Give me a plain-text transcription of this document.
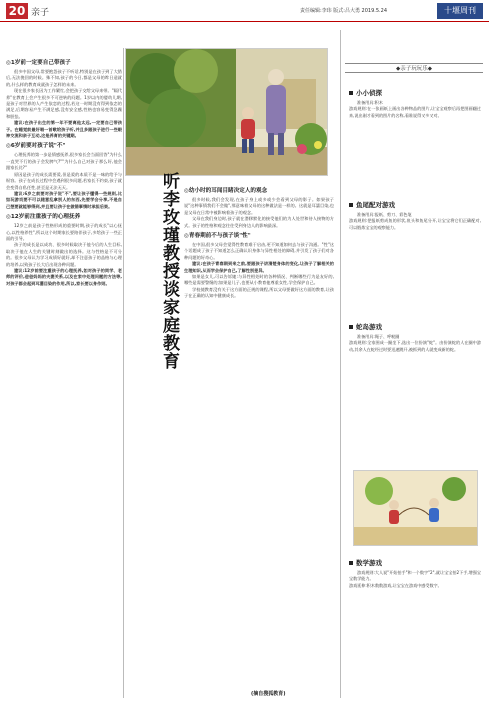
20 亲子	责任编辑:李玮 版式:吕大勇 2019.5.24	十堰周刊
◎1岁前一定要自己带孩子

很多中国父母,常要抱怨孩子不听话,特别是在孩子到了大错后,无法挽回的时候。殊不知,孩子的今日,都是父母的昨日造就的,什么样的教育成就孩子怎样的未来。

现在很多家长因为工作繁忙,会把孩子交给父母来带。"隔代养"在教育上会产生很多不可逆转的问题。1岁以内的婴幼儿期,是孩子对世界的人产生依恋的过程,若这一时期没有得到依恋的满足,后期容易产生不满足感,没有安全感,性格也容易变得急躁和胆怯。

建议:在孩子出生的第一年不要离他太远,一定要自己带孩子。在睡觉前最好唱一首歌给孩子听,并且多跟孩子进行一些眼神交流和亲子互动,这是养育的关键期。

◎6岁前要对孩子说"不"

心理抚养的第一步是情感抚养,很多家长会当面回答"为什么一直哭不行的孩子会发脾气?""为什么自己对孩子那么好,他会跟家长比?"

原因是孩子的成长需要爱,但是爱的本质不是一味的给予与纵容。孩子在成长过程中会遇到很多问题,若家长不约束,孩子就会变得自私任性,甚至是无法无天。

建议:6岁之前要对孩子说"不",要让孩子懂得一些规则,比如玩游戏要不可以随意乱拿别人的东西,先要学会分享,不是自己想要就能够得到,并且要让孩子在做错事情时承担后果。

◎12岁前注重孩子的心理抚养

12岁之前是孩子性格形成的重要时期,孩子的成长"以心抚心,以性格养性",所以这个时期家长要陪伴孩子,多给孩子一些正面的引导。

孩子的成长是以成功、很多时候取决于他今后的人生目标,取决于他在人生的关键时刻做出的选择。这与性格是不可分的。很多父母认为学习成绩好就好,却不注意孩子的品格与心理的培养,以致孩子长大后出现各种问题。

建议:12岁前要注重孩子的心理抚养,如对孩子的同学、老师的评价,爸爸妈妈的夫妻关系,以及在家中处理问题的方法等,对孩子都会起到耳濡目染的作用,所以,家长要以身作则。	听李玫瑾教授谈家庭教育 ◎幼小时的耳闻目睹决定人的观念

很多时候,我们会发现,在孩子身上或多或少会看到父母的影子。如果孩子说"这种事情我们不会做",那意味着父母的这种做法是一样的。这就是耳濡目染,也是父母在日常中被影响着孩子的观念。

父母在我们身边时,孩子就在潜移默化的接受他们的为人处世和待人接物的方式。孩子的性格和观念往往受到身边人的影响最深。

◎青春期前不与孩子谈"性"

在中国,很多父母会觉得性教育难于启齿,更不知道如何去与孩子沟通。"性"这个话题成了孩子不知道怎么正确认识身体与异性相处的障碍,并引发了孩子们对各种问题的好奇心。

建议:在孩子青春期到来之前,要跟孩子讲清楚身体的变化,让孩子了解相关的生理知识,从而学会保护自己,了解性别差异。

如果是女儿,可以告诉她:与异性相处时的各种情况、判断哪些行为是友好的,哪些是需要警惕的;如果是儿子,也要从小教育他尊重女性,学会保护自己。

学校使教育没有关于这方面的正规的课程,所以父母要做好这方面的教育,让孩子在正确的认知中健康成长。

(摘自搜狐教育)
◆亲子玩玩乐◆
小小侦探

准备用具:积木
游戏规则:在一张画纸上画出各种物品的图片,让宝宝观察后再把图画翻过来,说出刚才看到的图片的名称,看谁说得又多又对。

鱼尾配对游戏

准备用具:报纸、剪刀、彩色笔
游戏规则:把报纸剪成鱼的形状,鱼头和鱼尾分开,让宝宝将它们正确配对,可以锻炼宝宝的观察能力。

蛇岛游戏

准备用具:绳子、呼啦圈
游戏规则:全家围成一圈坐下,选出一位扮演"蛇"。由扮演蛇的人在圈中游动,其余人在蛇经过时要迅速跳开,被抓到的人就变成新的蛇。

数学游戏

游戏规则:大人说"开始拍手"和一个数字"2",就让宝宝拍2下手,增强宝宝数学能力。
游戏延伸:积木数数游戏,让宝宝在游戏中感受数字。
